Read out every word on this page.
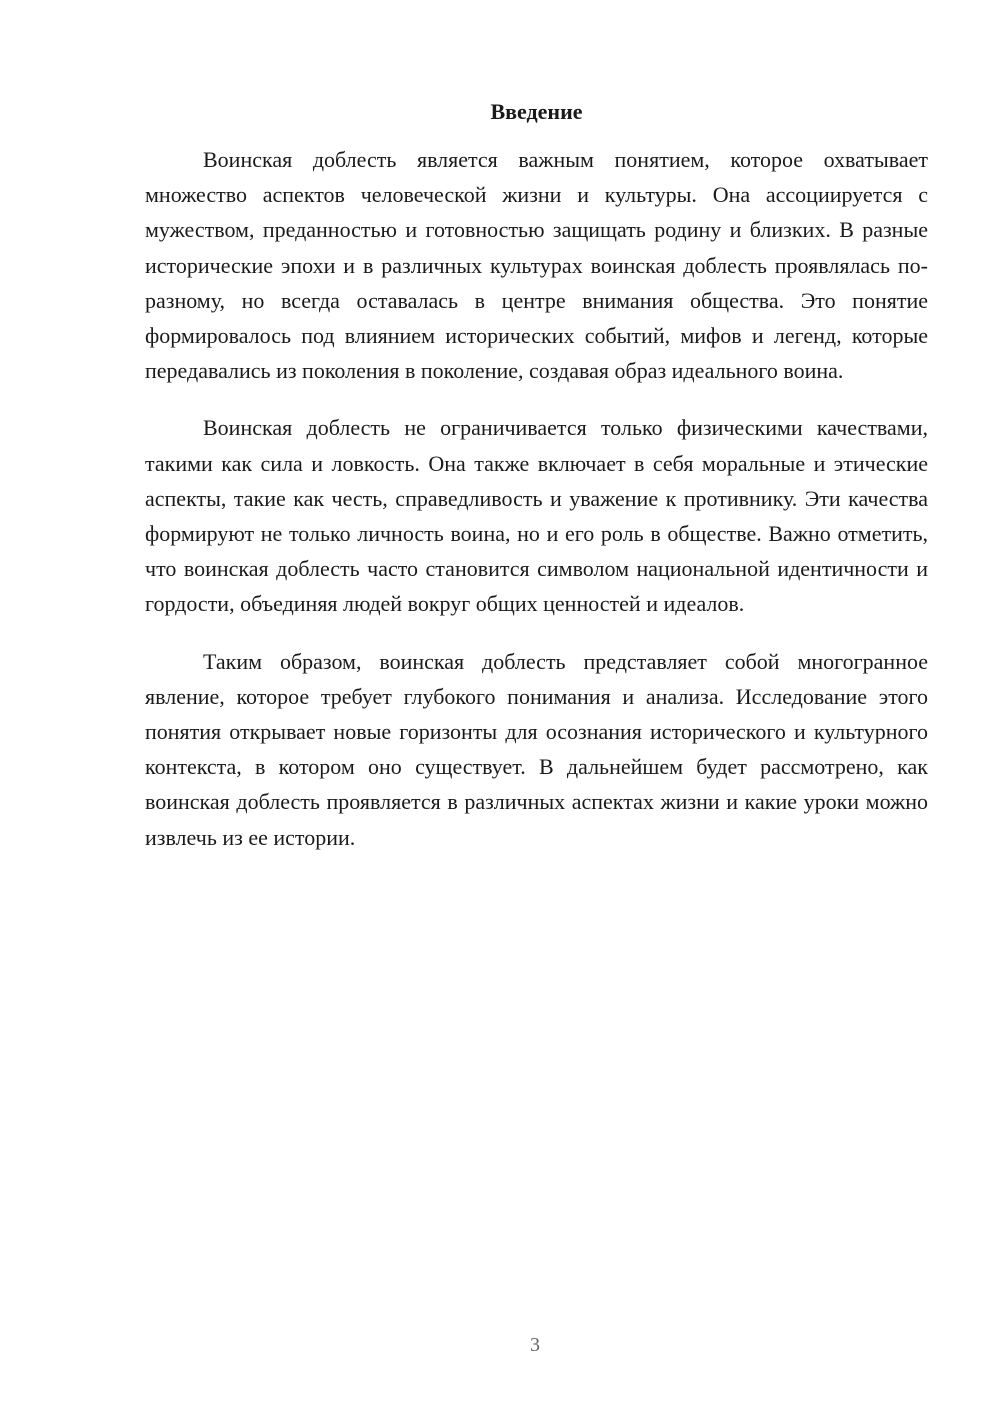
Введение

Воинская доблесть является важным понятием, которое охватывает множество аспектов человеческой жизни и культуры. Она ассоциируется с мужеством, преданностью и готовностью защищать родину и близких. В разные исторические эпохи и в различных культурах воинская доблесть проявлялась по-разному, но всегда оставалась в центре внимания общества. Это понятие формировалось под влиянием исторических событий, мифов и легенд, которые передавались из поколения в поколение, создавая образ идеального воина.

Воинская доблесть не ограничивается только физическими качествами, такими как сила и ловкость. Она также включает в себя моральные и этические аспекты, такие как честь, справедливость и уважение к противнику. Эти качества формируют не только личность воина, но и его роль в обществе. Важно отметить, что воинская доблесть часто становится символом национальной идентичности и гордости, объединяя людей вокруг общих ценностей и идеалов.

Таким образом, воинская доблесть представляет собой многогранное явление, которое требует глубокого понимания и анализа. Исследование этого понятия открывает новые горизонты для осознания исторического и культурного контекста, в котором оно существует. В дальнейшем будет рассмотрено, как воинская доблесть проявляется в различных аспектах жизни и какие уроки можно извлечь из ее истории.

3
